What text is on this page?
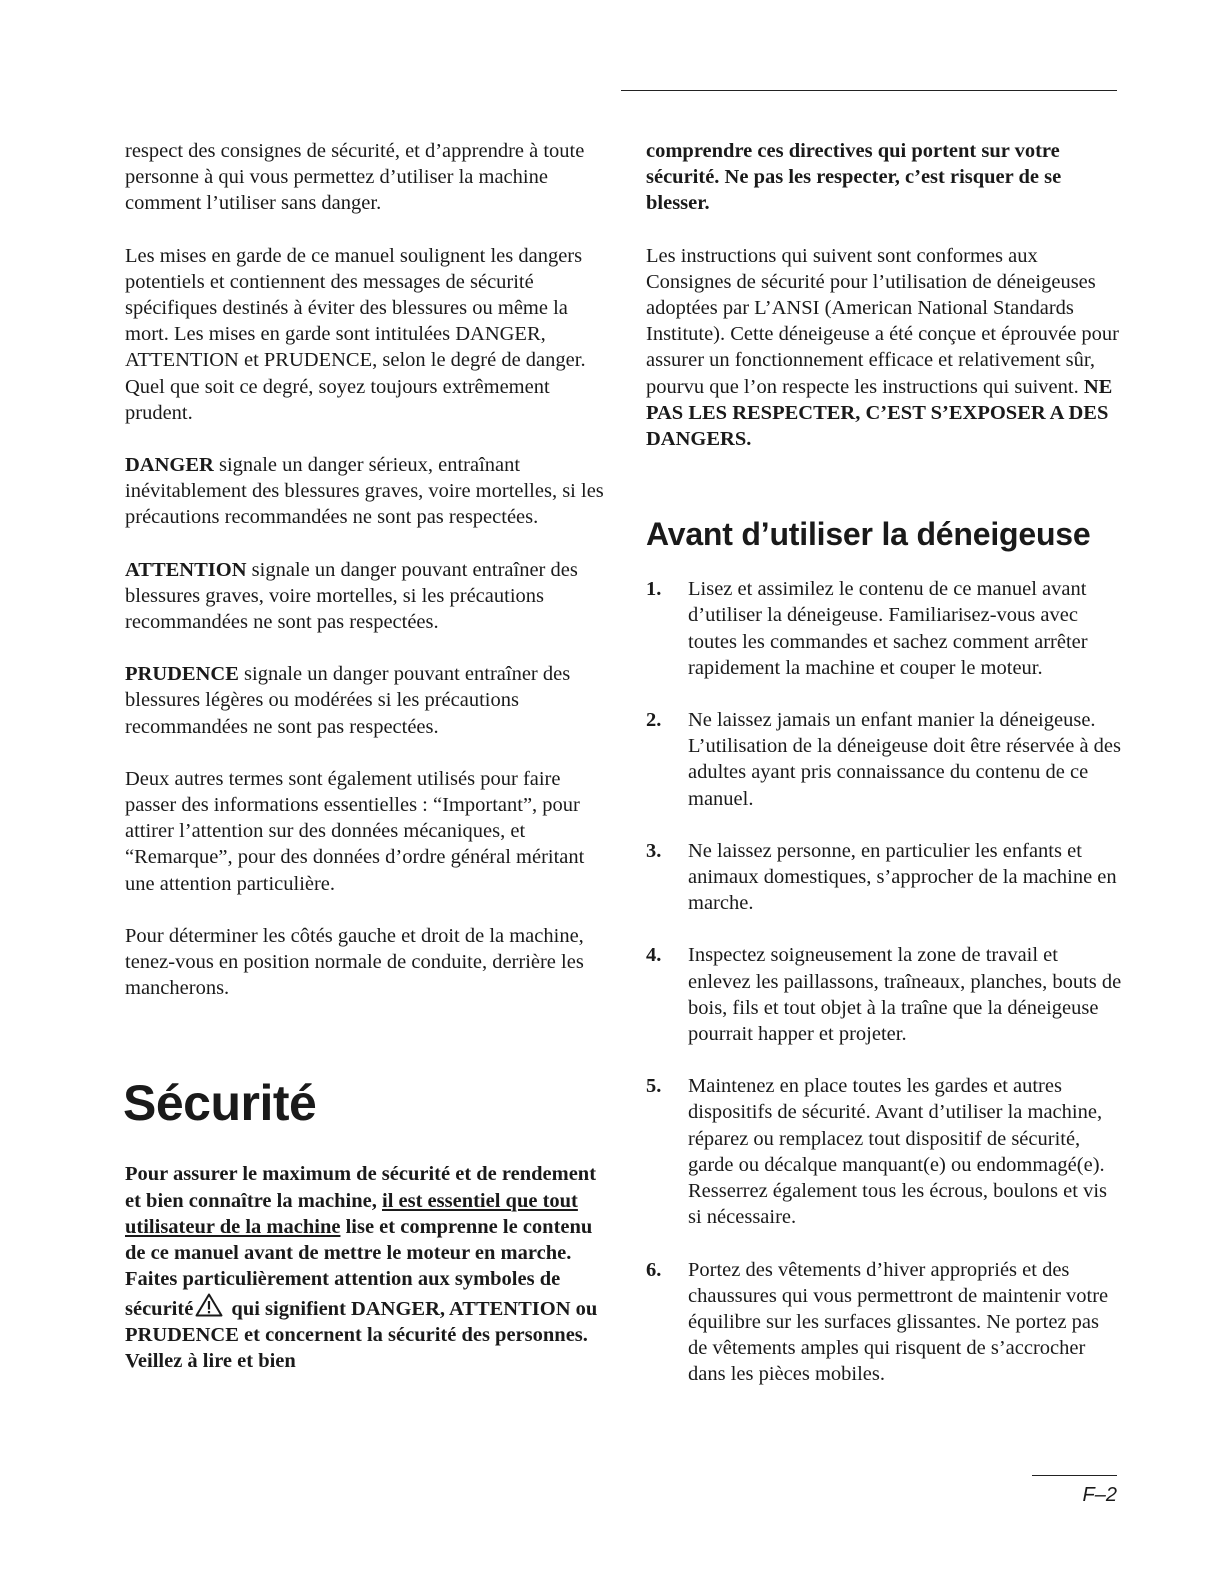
respect des consignes de sécurité, et d’apprendre à toute personne à qui vous permettez d’utiliser la machine comment l’utiliser sans danger.

Les mises en garde de ce manuel soulignent les dangers potentiels et contiennent des messages de sécurité spécifiques destinés à éviter des blessures ou même la mort. Les mises en garde sont intitulées DANGER, ATTENTION et PRUDENCE, selon le degré de danger. Quel que soit ce degré, soyez toujours extrêmement prudent.

DANGER signale un danger sérieux, entraînant inévitablement des blessures graves, voire mortelles, si les précautions recommandées ne sont pas respectées.

ATTENTION signale un danger pouvant entraîner des blessures graves, voire mortelles, si les précautions recommandées ne sont pas respectées.

PRUDENCE signale un danger pouvant entraîner des blessures légères ou modérées si les précautions recommandées ne sont pas respectées.

Deux autres termes sont également utilisés pour faire passer des informations essentielles : “Important”, pour attirer l’attention sur des données mécaniques, et “Remarque”, pour des données d’ordre général méritant une attention particulière.

Pour déterminer les côtés gauche et droit de la machine, tenez-vous en position normale de conduite, derrière les mancherons.

Sécurité

Pour assurer le maximum de sécurité et de rendement et bien connaître la machine, il est essentiel que tout utilisateur de la machine lise et comprenne le contenu de ce manuel avant de mettre le moteur en marche. Faites particulièrement attention aux symboles de sécurité qui signifient DANGER, ATTENTION ou PRUDENCE et concernent la sécurité des personnes. Veillez à lire et bien

comprendre ces directives qui portent sur votre sécurité. Ne pas les respecter, c’est risquer de se blesser.

Les instructions qui suivent sont conformes aux Consignes de sécurité pour l’utilisation de déneigeuses adoptées par L’ANSI (American National Standards Institute). Cette déneigeuse a été conçue et éprouvée pour assurer un fonctionnement efficace et relativement sûr, pourvu que l’on respecte les instructions qui suivent. NE PAS LES RESPECTER, C’EST S’EXPOSER A DES DANGERS.

Avant d’utiliser la déneigeuse
1. Lisez et assimilez le contenu de ce manuel avant d’utiliser la déneigeuse. Familiarisez-vous avec toutes les commandes et sachez comment arrêter rapidement la machine et couper le moteur.
2. Ne laissez jamais un enfant manier la déneigeuse. L’utilisation de la déneigeuse doit être réservée à des adultes ayant pris connaissance du contenu de ce manuel.
3. Ne laissez personne, en particulier les enfants et animaux domestiques, s’approcher de la machine en marche.
4. Inspectez soigneusement la zone de travail et enlevez les paillassons, traîneaux, planches, bouts de bois, fils et tout objet à la traîne que la déneigeuse pourrait happer et projeter.
5. Maintenez en place toutes les gardes et autres dispositifs de sécurité. Avant d’utiliser la machine, réparez ou remplacez tout dispositif de sécurité, garde ou décalque manquant(e) ou endommagé(e). Resserrez également tous les écrous, boulons et vis si nécessaire.
6. Portez des vêtements d’hiver appropriés et des chaussures qui vous permettront de maintenir votre équilibre sur les surfaces glissantes. Ne portez pas de vêtements amples qui risquent de s’accrocher dans les pièces mobiles.
F–2
